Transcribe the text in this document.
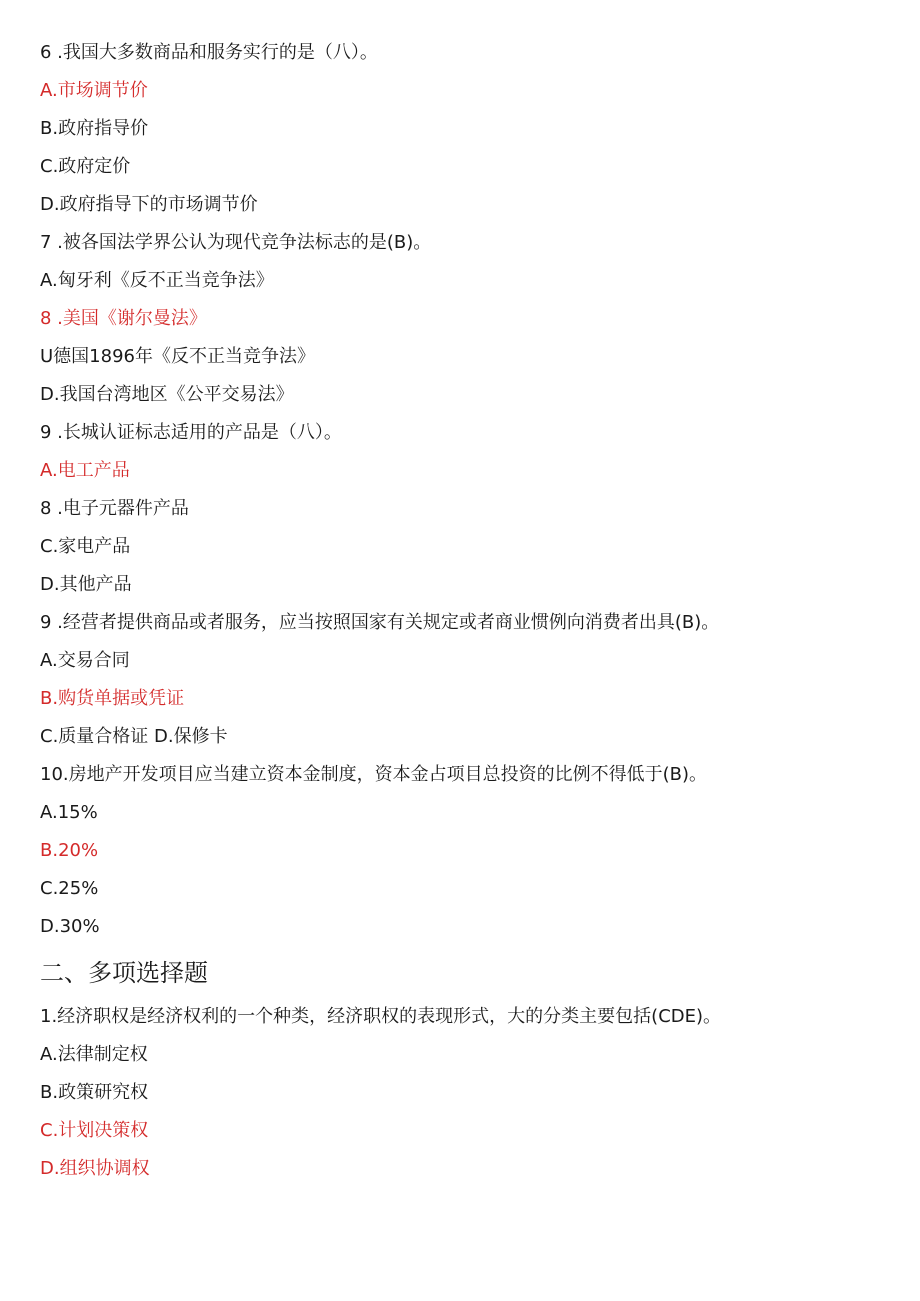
6 .我国大多数商品和服务实行的是（八）。
A.市场调节价
B.政府指导价
C.政府定价
D.政府指导下的市场调节价
7 .被各国法学界公认为现代竞争法标志的是(B)。
A.匈牙利《反不正当竞争法》
8 .美国《谢尔曼法》
U德国1896年《反不正当竞争法》
D.我国台湾地区《公平交易法》
9 .长城认证标志适用的产品是（八）。
A.电工产品
8 .电子元器件产品
C.家电产品
D.其他产品
9 .经营者提供商品或者服务，应当按照国家有关规定或者商业惯例向消费者出具(B)。
A.交易合同
B.购货单据或凭证
C.质量合格证 D.保修卡
10.房地产开发项目应当建立资本金制度，资本金占项目总投资的比例不得低于(B)。
A.15%
B.20%
C.25%
D.30%
二、多项选择题
1.经济职权是经济权利的一个种类，经济职权的表现形式，大的分类主要包括(CDE)。
A.法律制定权
B.政策研究权
C.计划决策权
D.组织协调权
